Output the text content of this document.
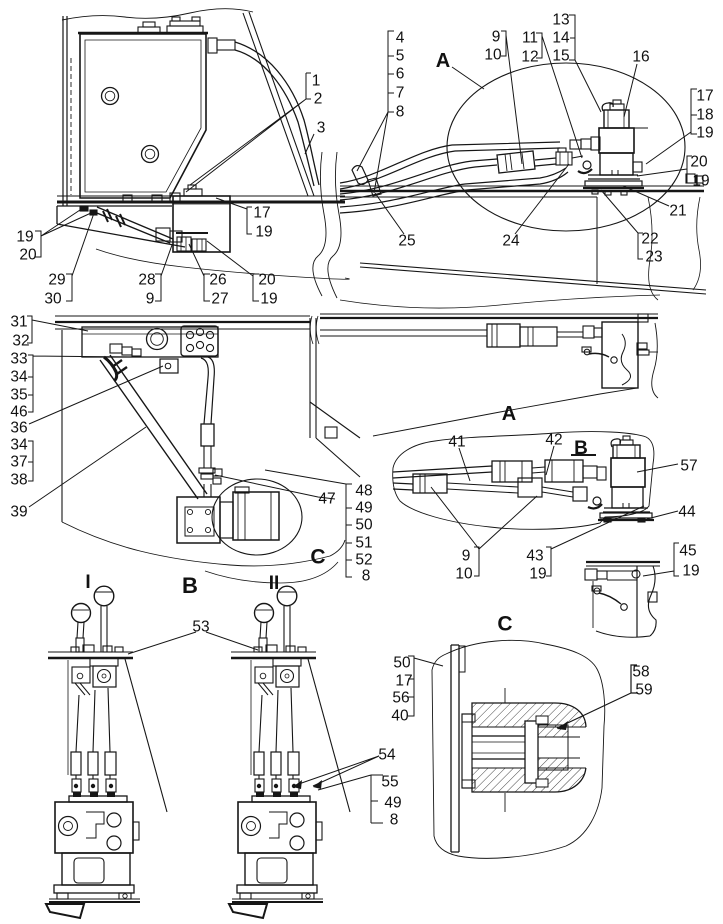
1
2
3
4
5
6
7
8
9
10
11
12
13
14
15	16
17
18
19
20
19
21
22
23
24
25
17
19
19
20
29
30
28
9
26
27
20
19
31
32
33
34
35
46
36
34
37
38
39
47 48
49
50
51
52
8
41	42
57
44
9
10
43
19
45
19
53
54
55
49
8
50
17
56
40
58
59
A
A
B
B
I	II
C
C
